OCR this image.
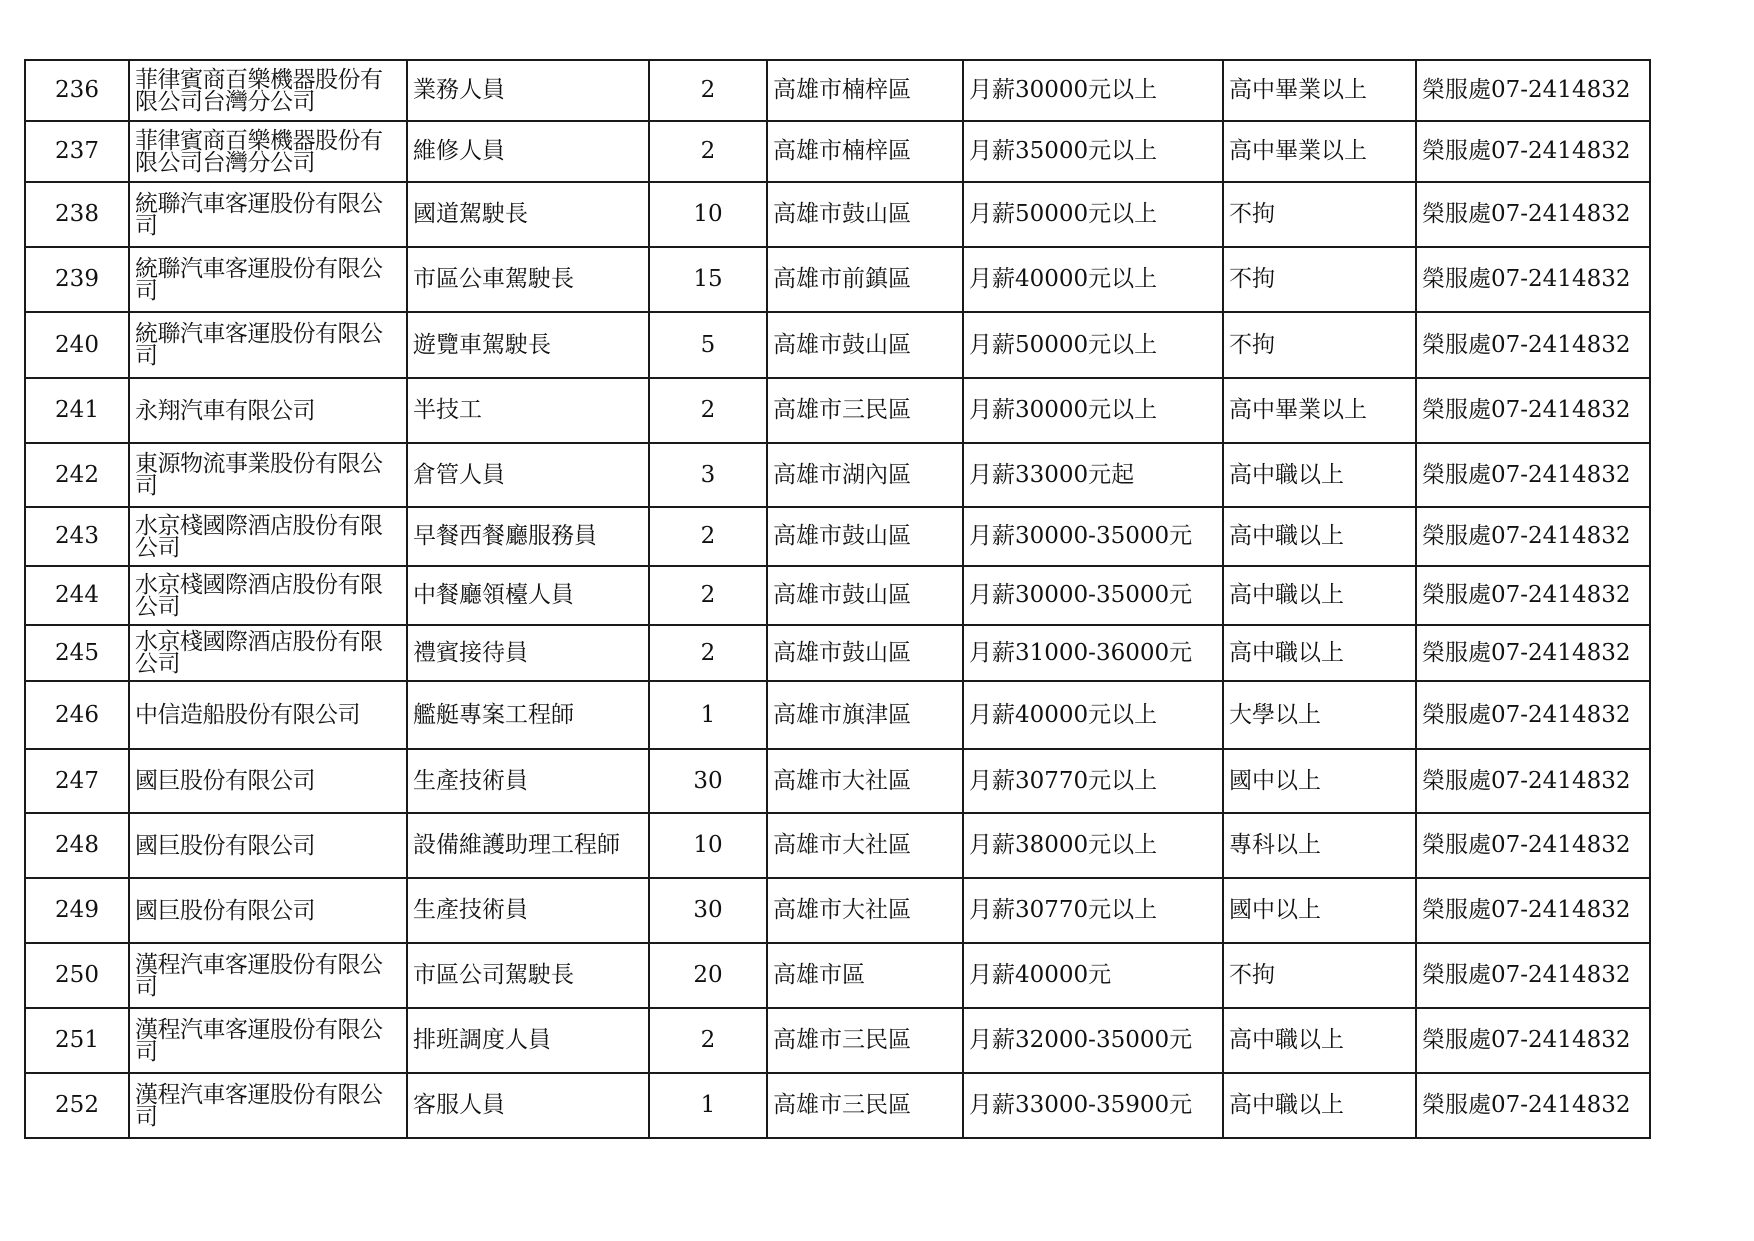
236	菲律賓商百樂機器股份有限公司台灣分公司	業務人員	2	高雄市楠梓區	月薪30000元以上	高中畢業以上	榮服處07-2414832
237	菲律賓商百樂機器股份有限公司台灣分公司	維修人員	2	高雄市楠梓區	月薪35000元以上	高中畢業以上	榮服處07-2414832
238	統聯汽車客運股份有限公司	國道駕駛長	10	高雄市鼓山區	月薪50000元以上	不拘	榮服處07-2414832
239	統聯汽車客運股份有限公司	市區公車駕駛長	15	高雄市前鎮區	月薪40000元以上	不拘	榮服處07-2414832
240	統聯汽車客運股份有限公司	遊覽車駕駛長	5	高雄市鼓山區	月薪50000元以上	不拘	榮服處07-2414832
241	永翔汽車有限公司	半技工	2	高雄市三民區	月薪30000元以上	高中畢業以上	榮服處07-2414832
242	東源物流事業股份有限公司	倉管人員	3	高雄市湖內區	月薪33000元起	高中職以上	榮服處07-2414832
243	水京棧國際酒店股份有限公司	早餐西餐廳服務員	2	高雄市鼓山區	月薪30000-35000元	高中職以上	榮服處07-2414832
244	水京棧國際酒店股份有限公司	中餐廳領檯人員	2	高雄市鼓山區	月薪30000-35000元	高中職以上	榮服處07-2414832
245	水京棧國際酒店股份有限公司	禮賓接待員	2	高雄市鼓山區	月薪31000-36000元	高中職以上	榮服處07-2414832
246	中信造船股份有限公司	艦艇專案工程師	1	高雄市旗津區	月薪40000元以上	大學以上	榮服處07-2414832
247	國巨股份有限公司	生產技術員	30	高雄市大社區	月薪30770元以上	國中以上	榮服處07-2414832
248	國巨股份有限公司	設備維護助理工程師	10	高雄市大社區	月薪38000元以上	專科以上	榮服處07-2414832
249	國巨股份有限公司	生產技術員	30	高雄市大社區	月薪30770元以上	國中以上	榮服處07-2414832
250	漢程汽車客運股份有限公司	市區公司駕駛長	20	高雄市區	月薪40000元	不拘	榮服處07-2414832
251	漢程汽車客運股份有限公司	排班調度人員	2	高雄市三民區	月薪32000-35000元	高中職以上	榮服處07-2414832
252	漢程汽車客運股份有限公司	客服人員	1	高雄市三民區	月薪33000-35900元	高中職以上	榮服處07-2414832
